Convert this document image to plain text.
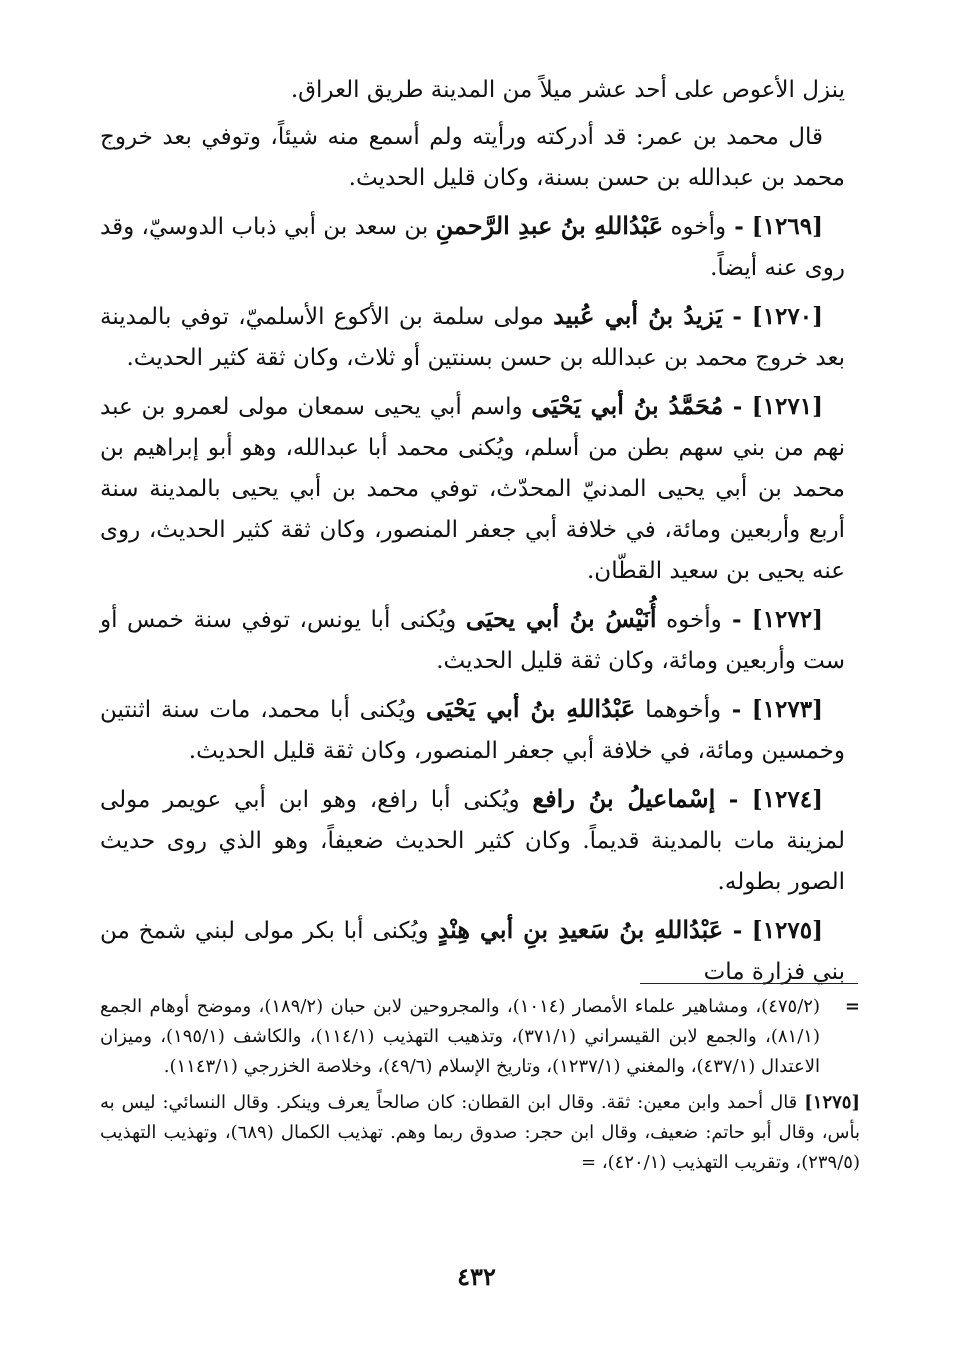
ينزل الأعوص على أحد عشر ميلاً من المدينة طريق العراق.

قال محمد بن عمر: قد أدركته ورأيته ولم أسمع منه شيئاً، وتوفي بعد خروج محمد بن عبدالله بن حسن بسنة، وكان قليل الحديث.

[١٢٦٩] - وأخوه عَبْدُاللهِ بنُ عبدِ الرَّحمنِ بن سعد بن أبي ذباب الدوسيّ، وقد روى عنه أيضاً.

[١٢٧٠] - يَزيدُ بنُ أبي عُبيد مولى سلمة بن الأكوع الأسلميّ، توفي بالمدينة بعد خروج محمد بن عبدالله بن حسن بسنتين أو ثلاث، وكان ثقة كثير الحديث.

[١٢٧١] - مُحَمَّدُ بنُ أبي يَحْيَى واسم أبي يحيى سمعان مولى لعمرو بن عبد نهم من بني سهم بطن من أسلم، ويُكنى محمد أبا عبدالله، وهو أبو إبراهيم بن محمد بن أبي يحيى المدنيّ المحدّث، توفي محمد بن أبي يحيى بالمدينة سنة أربع وأربعين ومائة، في خلافة أبي جعفر المنصور، وكان ثقة كثير الحديث، روى عنه يحيى بن سعيد القطّان.

[١٢٧٢] - وأخوه أُنَيْسُ بنُ أبي يحيَى ويُكنى أبا يونس، توفي سنة خمس أو ست وأربعين ومائة، وكان ثقة قليل الحديث.

[١٢٧٣] - وأخوهما عَبْدُاللهِ بنُ أبي يَحْيَى ويُكنى أبا محمد، مات سنة اثنتين وخمسين ومائة، في خلافة أبي جعفر المنصور، وكان ثقة قليل الحديث.

[١٢٧٤] - إسْماعيلُ بنُ رافع ويُكنى أبا رافع، وهو ابن أبي عويمر مولى لمزينة مات بالمدينة قديماً. وكان كثير الحديث ضعيفاً، وهو الذي روى حديث الصور بطوله.

[١٢٧٥] - عَبْدُاللهِ بنُ سَعيدِ بنِ أبي هِنْدٍ ويُكنى أبا بكر مولى لبني شمخ من بني فزارة مات

=
(٤٧٥/٢)، ومشاهير علماء الأمصار (١٠١٤)، والمجروحين لابن حبان (١٨٩/٢)، وموضح أوهام الجمع (٨١/١)، والجمع لابن القيسراني (٣٧١/١)، وتذهيب التهذيب (١١٤/١)، والكاشف (١٩٥/١)، وميزان الاعتدال (٤٣٧/١)، والمغني (١٢٣٧/١)، وتاريخ الإسلام (٤٩/٦)، وخلاصة الخزرجي (١١٤٣/١).
[١٢٧٥] قال أحمد وابن معين: ثقة. وقال ابن القطان: كان صالحاً يعرف وينكر. وقال النسائي: ليس به بأس، وقال أبو حاتم: ضعيف، وقال ابن حجر: صدوق ربما وهم. تهذيب الكمال (٦٨٩)، وتهذيب التهذيب (٢٣٩/٥)، وتقريب التهذيب (٤٢٠/١)، =
٤٣٢
